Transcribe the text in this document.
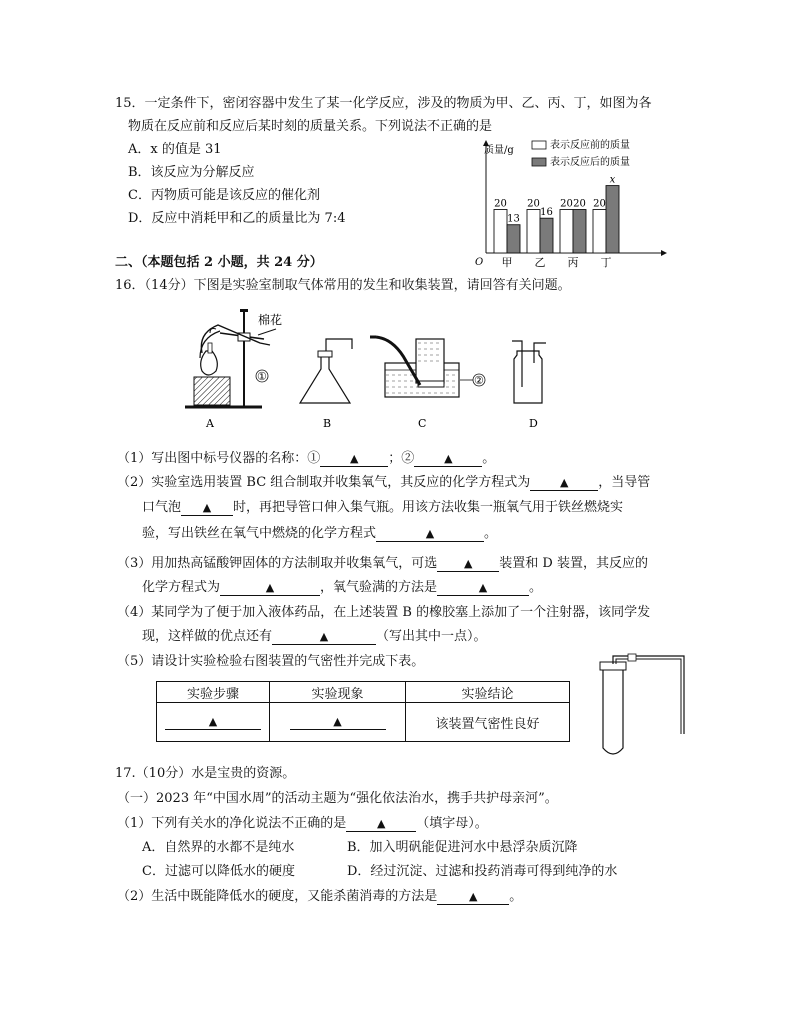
15．一定条件下，密闭容器中发生了某一化学反应，涉及的物质为甲、乙、丙、丁，如图为各
物质在反应前和反应后某时刻的质量关系。下列说法不正确的是
A．x 的值是 31
B．该反应为分解反应
C．丙物质可能是该反应的催化剂
D．反应中消耗甲和乙的质量比为 7:4
质量/g
O
表示反应前的质量
表示反应后的质量
20
13
甲
20
16
乙
20 20
丙
20
x
丁
二、（本题包括 2 小题，共 24 分）
16．（14分）下图是实验室制取气体常用的发生和收集装置，请回答有关问题。
棉花
①
A	B
②
C	D
（1）写出图中标号仪器的名称：①	▲ ；②	▲ 。
（2）实验室选用装置 BC 组合制取并收集氧气，其反应的化学方程式为	▲ ，当导管
口气泡 ▲ 时，再把导管口伸入集气瓶。用该方法收集一瓶氧气用于铁丝燃烧实
验，写出铁丝在氧气中燃烧的化学方程式	▲	。
（3）用加热高锰酸钾固体的方法制取并收集氧气，可选 ▲ 装置和 D 装置，其反应的
化学方程式为	▲	，氧气验满的方法是	▲	。
（4）某同学为了便于加入液体药品，在上述装置 B 的橡胶塞上添加了一个注射器，该同学发
现，这样做的优点还有	▲	（写出其中一点）。
（5）请设计实验检验右图装置的气密性并完成下表。
实验步骤	实验现象	实验结论
▲	▲	该装置气密性良好
17.（10分）水是宝贵的资源。
（一）2023 年“中国水周”的活动主题为“强化依法治水，携手共护母亲河”。
（1）下列有关水的净化说法不正确的是	▲ （填字母）。
A．自然界的水都不是纯水	B．加入明矾能促进河水中悬浮杂质沉降
C．过滤可以降低水的硬度	D．经过沉淀、过滤和投药消毒可得到纯净的水
（2）生活中既能降低水的硬度，又能杀菌消毒的方法是	▲ 。
